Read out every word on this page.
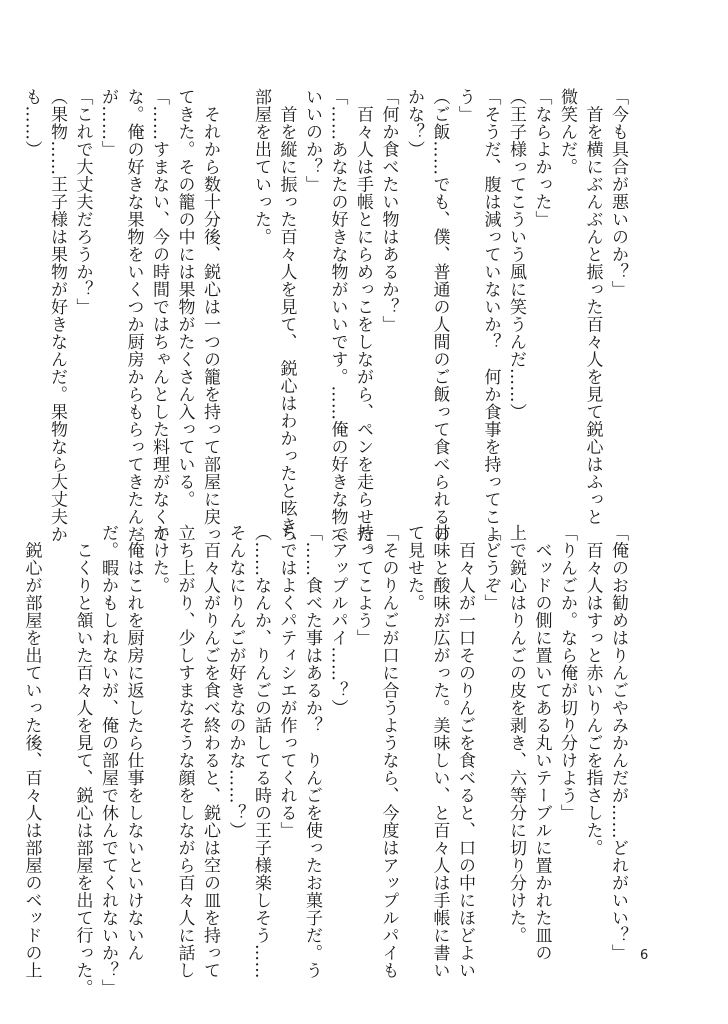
「今も具合が悪いのか？」
　首を横にぶんぶんと振った百々人を見て鋭心はふっと
微笑んだ。
「ならよかった」
（王子様ってこういう風に笑うんだ……）
「そうだ、腹は減っていないか？　何か食事を持ってこよ
う」
（ご飯……でも、僕、普通の人間のご飯って食べられるの
かな？）
「何か食べたい物はあるか？」
　百々人は手帳とにらめっこをしながら、ペンを走らせた。
「……あなたの好きな物がいいです。……俺の好きな物で
いいのか？」
　首を縦に振った百々人を見て、　鋭心はわかったと呟き、
部屋を出ていった。

　それから数十分後、鋭心は一つの籠を持って部屋に戻っ
てきた。その籠の中には果物がたくさん入っている。
「……すまない、今の時間ではちゃんとした料理がなくて
な。俺の好きな果物をいくつか厨房からもらってきたんだ
が……」
「これで大丈夫だろうか？」
（果物……王子様は果物が好きなんだ。果物なら大丈夫か
も……）
「俺のお勧めはりんごやみかんだが……どれがいい？」
　百々人はすっと赤いりんごを指さした。
「りんごか。なら俺が切り分けよう」
　ベッドの側に置いてある丸いテーブルに置かれた皿の
上で鋭心はりんごの皮を剥き、六等分に切り分けた。
「どうぞ」
　百々人が一口そのりんごを食べると、口の中にほどよい
甘味と酸味が広がった。美味しい、と百々人は手帳に書い
て見せた。
「そのりんごが口に合うようなら、今度はアップルパイも
持ってこよう」
（アップルパイ……？）
「……食べた事はあるか？　りんごを使ったお菓子だ。う
ちではよくパティシエが作ってくれる」
（……なんか、りんごの話してる時の王子様楽しそう……
そんなにりんごが好きなのかな……？）
　百々人がりんごを食べ終わると、鋭心は空の皿を持って
立ち上がり、少しすまなそうな顔をしながら百々人に話し
かけた。
「俺はこれを厨房に返したら仕事をしないといけないん
だ。暇かもしれないが、俺の部屋で休んでてくれないか？」
　こくりと頷いた百々人を見て、鋭心は部屋を出て行った。

　鋭心が部屋を出ていった後、百々人は部屋のベッドの上	6
